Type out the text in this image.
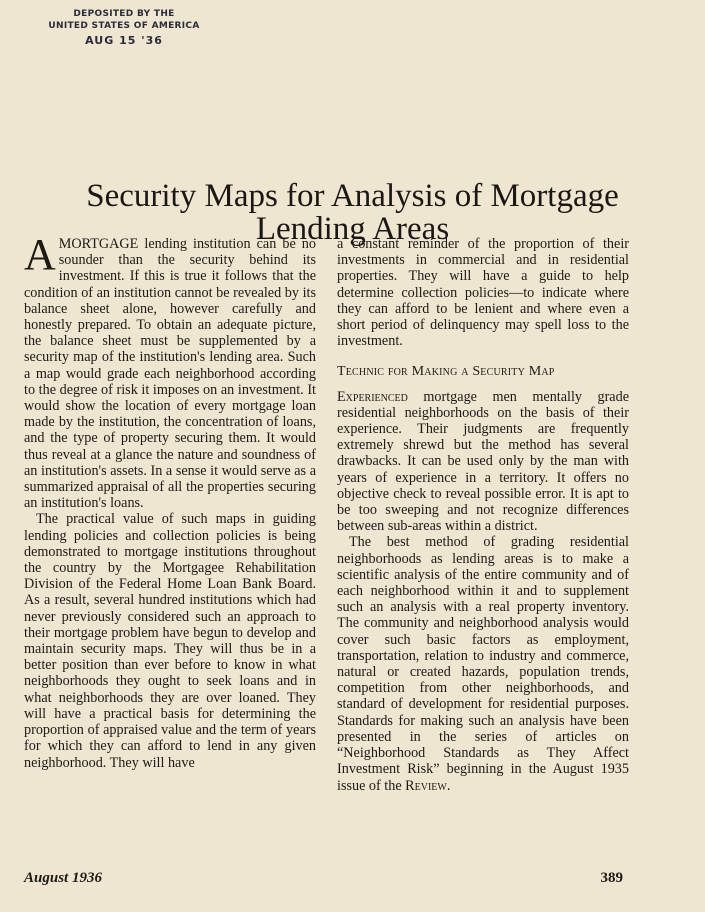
DEPOSITED BY THE
UNITED STATES OF AMERICA
AUG 15 '36
Security Maps for Analysis of Mortgage
Lending Areas

AMORTGAGE lending institution can be no sounder than the security behind its investment. If this is true it follows that the condition of an institution cannot be revealed by its balance sheet alone, however carefully and honestly prepared. To obtain an adequate picture, the balance sheet must be supplemented by a security map of the institution's lending area. Such a map would grade each neighborhood according to the degree of risk it imposes on an investment. It would show the location of every mortgage loan made by the institution, the concentration of loans, and the type of property securing them. It would thus reveal at a glance the nature and soundness of an institution's assets. In a sense it would serve as a summarized appraisal of all the properties securing an institution's loans.

The practical value of such maps in guiding lending policies and collection policies is being demonstrated to mortgage institutions throughout the country by the Mortgagee Rehabilitation Division of the Federal Home Loan Bank Board. As a result, several hundred institutions which had never previously considered such an approach to their mortgage problem have begun to develop and maintain security maps. They will thus be in a better position than ever before to know in what neighborhoods they ought to seek loans and in what neighborhoods they are over loaned. They will have a practical basis for determining the proportion of appraised value and the term of years for which they can afford to lend in any given neighborhood. They will have

a constant reminder of the proportion of their investments in commercial and in residential properties. They will have a guide to help determine collection policies—to indicate where they can afford to be lenient and where even a short period of delinquency may spell loss to the investment.

Technic for Making a Security Map

Experienced mortgage men mentally grade residential neighborhoods on the basis of their experience. Their judgments are frequently extremely shrewd but the method has several drawbacks. It can be used only by the man with years of experience in a territory. It offers no objective check to reveal possible error. It is apt to be too sweeping and not recognize differences between sub-areas within a district.

The best method of grading residential neighborhoods as lending areas is to make a scientific analysis of the entire community and of each neighborhood within it and to supplement such an analysis with a real property inventory. The community and neighborhood analysis would cover such basic factors as employment, transportation, relation to industry and commerce, natural or created hazards, population trends, competition from other neighborhoods, and standard of development for residential purposes. Standards for making such an analysis have been presented in the series of articles on “Neighborhood Standards as They Affect Investment Risk” beginning in the August 1935 issue of the Review.

August 1936	389
